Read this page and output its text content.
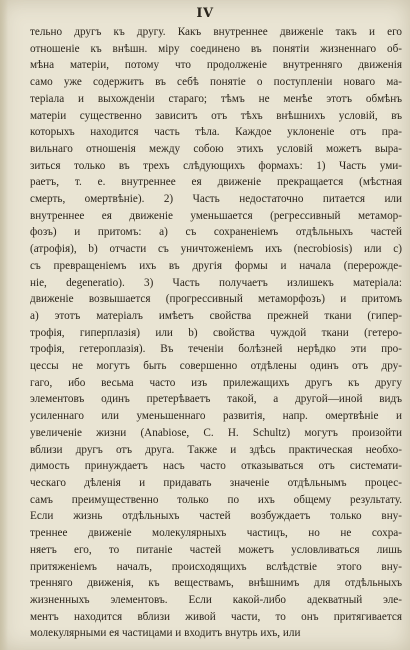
IV
тельно другъ къ другу. Какъ внутреннее движенiе такъ и его
отношенiе къ внѣшн. мiру соединено въ понятiи жизненнаго об-
мѣна матерiи, потому что продолженiе внутренняго движенiя
само уже содержитъ въ себѣ понятiе о поступленiи новаго ма-
терiала и выхожденiи стараго; тѣмъ не менѣе этотъ обмѣнъ
матерiи существенно зависитъ отъ тѣхъ внѣшнихъ условiй, въ
которыхъ находится часть тѣла. Каждое уклоненiе отъ пра-
вильнаго отношенiя между собою этихъ условiй можетъ выра-
зиться только въ трехъ слѣдующихъ формахъ: 1) Часть уми-
раетъ, т. е. внутреннее ея движенiе прекращается (мѣстная
смерть, омертвѣнiе). 2) Часть недостаточно питается или
внутреннее ея движенiе уменьшается (регрессивный метамор-
фозъ) и притомъ: a) съ сохраненiемъ отдѣльныхъ частей
(атрофiя), b) отчасти съ уничтоженiемъ ихъ (necrobiosis) или c)
съ превращенiемъ ихъ въ другiя формы и начала (перерожде-
нiе, degeneratio). 3) Часть получаетъ излишекъ матерiала:
движенiе возвышается (прогрессивный метаморфозъ) и притомъ
a) этотъ матерiалъ имѣетъ свойства прежней ткани (гипер-
трофiя, гиперплазiя) или b) свойства чуждой ткани (гетеро-
трофiя, гетероплазiя). Въ теченiи болѣзней нерѣдко эти про-
цессы не могутъ быть совершенно отдѣлены одинъ отъ дру-
гаго, ибо весьма часто изъ прилежащихъ другъ къ другу
элементовъ одинъ претерѣваетъ такой, а другой—иной видъ
усиленнаго или уменьшеннаго развитiя, напр. омертвѣнiе и
увеличенiе жизни (Anabiose, C. H. Schultz) могутъ произойти
вблизи другъ отъ друга. Также и здѣсь практическая необхо-
димость принуждаетъ насъ часто отказываться отъ системати-
ческаго дѣленiя и придавать значенiе отдѣльнымъ процес-
самъ преимущественно только по ихъ общему результату.
Если жизнь отдѣльныхъ частей возбуждаетъ только вну-
треннее движенiе молекулярныхъ частицъ, но не сохра-
няетъ его, то питанiе частей можетъ условливаться лишь
притяженiемъ началъ, происходящихъ вслѣдствiе этого вну-
тренняго движенiя, къ веществамъ, внѣшнимъ для отдѣльныхъ
жизненныхъ элементовъ. Если какой-либо адекватный эле-
ментъ находится вблизи живой части, то онъ притягивается
молекулярными ея частицами и входитъ внутрь ихъ, или
